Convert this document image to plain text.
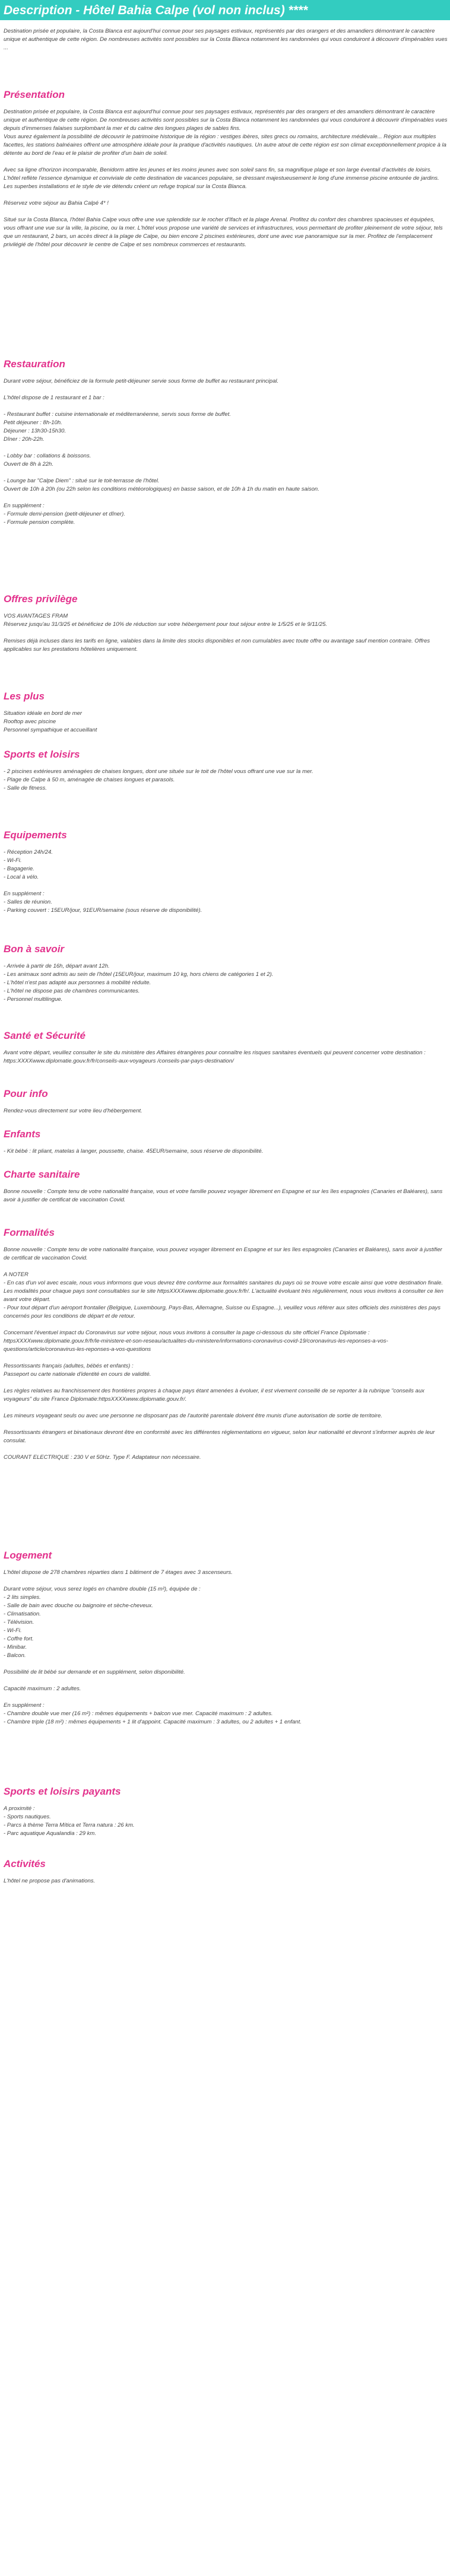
Description - Hôtel Bahia Calpe (vol non inclus) ****

Destination prisée et populaire, la Costa Blanca est aujourd'hui connue pour ses paysages estivaux, représentés par des orangers et des amandiers démontrant le caractère unique et authentique de cette région. De nombreuses activités sont possibles sur la Costa Blanca notamment les randonnées qui vous conduiront à découvrir d'impénables vues ...

Présentation

Destination prisée et populaire, la Costa Blanca est aujourd'hui connue pour ses paysages estivaux, représentés par des orangers et des amandiers démontrant le caractère unique et authentique de cette région. De nombreuses activités sont possibles sur la Costa Blanca notamment les randonnées qui vous conduiront à découvrir d'impénables vues depuis d'immenses falaises surplombant la mer et du calme des longues plages de sables fins.
Vous aurez également la possibilité de découvrir le patrimoine historique de la région : vestiges ibères, sites grecs ou romains, architecture médiévale... Région aux multiples facettes, les stations balnéaires offrent une atmosphère idéale pour la pratique d'activités nautiques. Un autre atout de cette région est son climat exceptionnellement propice à la détente au bord de l'eau et le plaisir de profiter d'un bain de soleil.

Avec sa ligne d'horizon incomparable, Benidorm attire les jeunes et les moins jeunes avec son soleil sans fin, sa magnifique plage et son large éventail d'activités de loisirs. L'hôtel reflète l'essence dynamique et conviviale de cette destination de vacances populaire, se dressant majestueusement le long d'une immense piscine entourée de jardins. Les superbes installations et le style de vie détendu créent un refuge tropical sur la Costa Blanca.

Réservez votre séjour au Bahia Calpé 4* !

Situé sur la Costa Blanca, l'hôtel Bahia Calpe vous offre une vue splendide sur le rocher d'Ifach et la plage Arenal. Profitez du confort des chambres spacieuses et équipées, vous offrant une vue sur la ville, la piscine, ou la mer. L'hôtel vous propose une variété de services et infrastructures, vous permettant de profiter pleinement de votre séjour, tels que un restaurant, 2 bars, un accès direct à la plage de Calpe, ou bien encore 2 piscines extérieures, dont une avec vue panoramique sur la mer. Profitez de l'emplacement privilégié de l'hôtel pour découvrir le centre de Calpe et ses nombreux commerces et restaurants.

Restauration

Durant votre séjour, bénéficiez de la formule petit-déjeuner servie sous forme de buffet au restaurant principal.

L'hôtel dispose de 1 restaurant et 1 bar :

- Restaurant buffet : cuisine internationale et méditerranéenne, servis sous forme de buffet.
Petit déjeuner : 8h-10h.
Déjeuner : 13h30-15h30.
Dîner : 20h-22h.

- Lobby bar : collations & boissons.
Ouvert de 8h à 22h.

- Lounge bar "Calpe Diem" : situé sur le toit-terrasse de l'hôtel.
Ouvert de 10h à 20h (ou 22h selon les conditions météorologiques) en basse saison, et de 10h à 1h du matin en haute saison.

En supplément :
- Formule demi-pension (petit-déjeuner et dîner).
- Formule pension complète.

Offres privilège

VOS AVANTAGES FRAM
Réservez jusqu'au 31/3/25 et bénéficiez de 10% de réduction sur votre hébergement pour tout séjour entre le 1/5/25 et le 9/11/25.

Remises déjà incluses dans les tarifs en ligne, valables dans la limite des stocks disponibles et non cumulables avec toute offre ou avantage sauf mention contraire. Offres applicables sur les prestations hôtelières uniquement.

Les plus

Situation idéale en bord de mer
Rooftop avec piscine
Personnel sympathique et accueillant

Sports et loisirs

- 2 piscines extérieures aménagées de chaises longues, dont une située sur le toit de l'hôtel vous offrant une vue sur la mer.
- Plage de Calpe à 50 m, aménagée de chaises longues et parasols.
- Salle de fitness.

Equipements

- Réception 24h/24.
- Wi-Fi.
- Bagagerie.
- Local à vélo.

En supplément :
- Salles de réunion.
- Parking couvert : 15EUR/jour, 91EUR/semaine (sous réserve de disponibilité).

Bon à savoir

- Arrivée à partir de 16h, départ avant 12h.
- Les animaux sont admis au sein de l'hôtel (15EUR/jour, maximum 10 kg, hors chiens de catégories 1 et 2).
- L'hôtel n'est pas adapté aux personnes à mobilité réduite.
- L'hôtel ne dispose pas de chambres communicantes.
- Personnel multilingue.

Santé et Sécurité

Avant votre départ, veuillez consulter le site du ministère des Affaires étrangères pour connaître les risques sanitaires éventuels qui peuvent concerner votre destination : https:XXXXwww.diplomatie.gouv.fr/fr/conseils-aux-voyageurs /conseils-par-pays-destination/

Pour info

Rendez-vous directement sur votre lieu d'hébergement.

Enfants

- Kit bébé : lit pliant, matelas à langer, poussette, chaise. 45EUR/semaine, sous réserve de disponibilité.

Charte sanitaire

Bonne nouvelle : Compte tenu de votre nationalité française, vous et votre famille pouvez voyager librement en Espagne et sur les îles espagnoles (Canaries et Baléares), sans avoir à justifier de certificat de vaccination Covid.

Formalités

Bonne nouvelle : Compte tenu de votre nationalité française, vous pouvez voyager librement en Espagne et sur les îles espagnoles (Canaries et Baléares), sans avoir à justifier de certificat de vaccination Covid.

A NOTER
- En cas d'un vol avec escale, nous vous informons que vous devrez être conforme aux formalités sanitaires du pays où se trouve votre escale ainsi que votre destination finale.
Les modalités pour chaque pays sont consultables sur le site httpsXXXXwww.diplomatie.gouv.fr/fr/. L'actualité évoluant très régulièrement, nous vous invitons à consulter ce lien avant votre départ.
- Pour tout départ d'un aéroport frontalier (Belgique, Luxembourg, Pays-Bas, Allemagne, Suisse ou Espagne...), veuillez vous référer aux sites officiels des ministères des pays concernés pour les conditions de départ et de retour.

Concernant l'éventuel impact du Coronavirus sur votre séjour, nous vous invitons à consulter la page ci-dessous du site officiel France Diplomatie :
httpsXXXXwww.diplomatie.gouv.fr/fr/le-ministere-et-son-reseau/actualites-du-ministere/informations-coronavirus-covid-19/coronavirus-les-reponses-a-vos-questions/article/coronavirus-les-reponses-a-vos-questions

Ressortissants français (adultes, bébés et enfants) :
Passeport ou carte nationale d'identité en cours de validité.

Les règles relatives au franchissement des frontières propres à chaque pays étant amenées à évoluer, il est vivement conseillé de se reporter à la rubrique "conseils aux voyageurs" du site France Diplomatie:httpsXXXXwww.diplomatie.gouv.fr/.

Les mineurs voyageant seuls ou avec une personne ne disposant pas de l'autorité parentale doivent être munis d'une autorisation de sortie de territoire.

Ressortissants étrangers et binationaux devront être en conformité avec les différentes réglementations en vigueur, selon leur nationalité et devront s'informer auprès de leur consulat.

COURANT ELECTRIQUE : 230 V et 50Hz. Type F. Adaptateur non nécessaire.

Logement

L'hôtel dispose de 278 chambres réparties dans 1 bâtiment de 7 étages avec 3 ascenseurs.

Durant votre séjour, vous serez logés en chambre double (15 m²), équipée de :
- 2 lits simples.
- Salle de bain avec douche ou baignoire et sèche-cheveux.
- Climatisation.
- Télévision.
- Wi-Fi.
- Coffre fort.
- Minibar.
- Balcon.

Possibilité de lit bébé sur demande et en supplément, selon disponibilité.

Capacité maximum : 2 adultes.

En supplément :
- Chambre double vue mer (16 m²) : mêmes équipements + balcon vue mer. Capacité maximum : 2 adultes.
- Chambre triple (18 m²) : mêmes équipements + 1 lit d'appoint. Capacité maximum : 3 adultes, ou 2 adultes + 1 enfant.

Sports et loisirs payants

A proximité :
- Sports nautiques.
- Parcs à thème Terra Mítica et Terra natura : 26 km.
- Parc aquatique Aqualandia : 29 km.

Activités

L'hôtel ne propose pas d'animations.
